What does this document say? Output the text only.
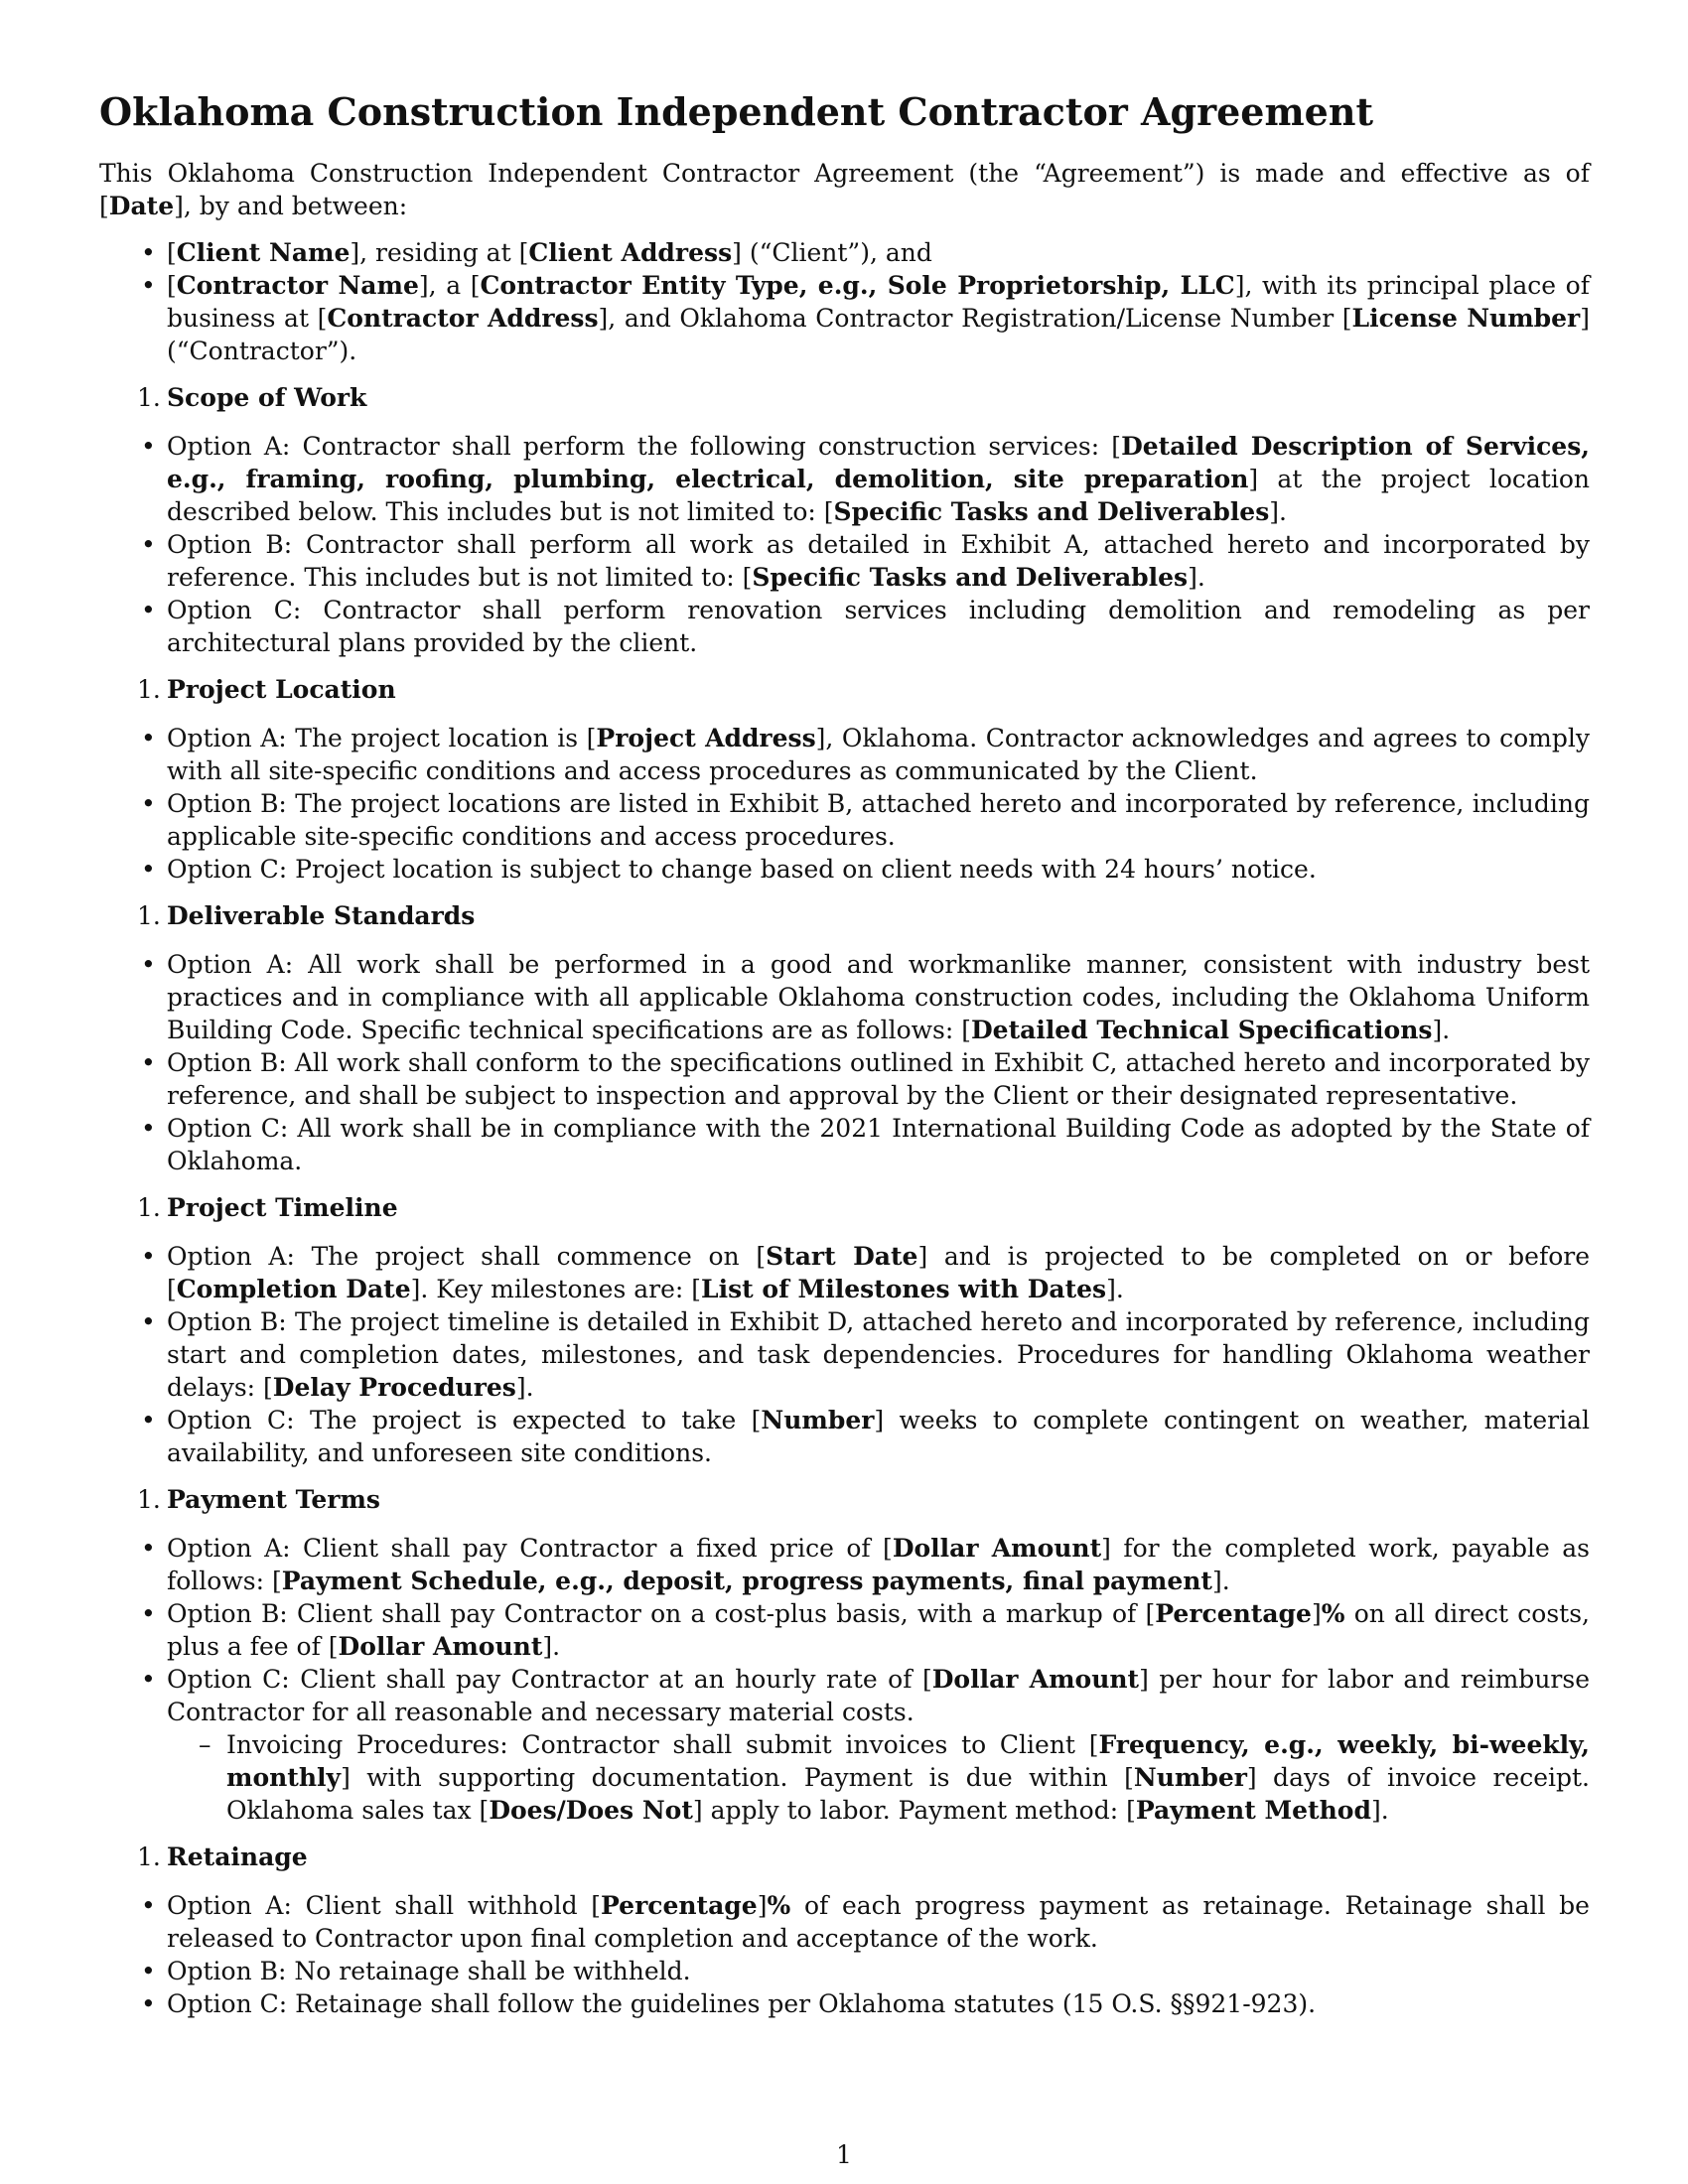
Oklahoma Construction Independent Contractor Agreement

This Oklahoma Construction Independent Contractor Agreement (the “Agreement”) is made and effective as of [Date], by and between:

• [Client Name], residing at [Client Address] (“Client”), and
• [Contractor Name], a [Contractor Entity Type, e.g., Sole Proprietorship, LLC], with its principal place of business at [Contractor Address], and Oklahoma Contractor Registration/License Number [License Number] (“Contractor”).
1. Scope of Work
• Option A: Contractor shall perform the following construction services: [Detailed Description of Services, e.g., framing, roofing, plumbing, electrical, demolition, site preparation] at the project location described below. This includes but is not limited to: [Specific Tasks and Deliverables].
• Option B: Contractor shall perform all work as detailed in Exhibit A, attached hereto and incorporated by reference. This includes but is not limited to: [Specific Tasks and Deliverables].
• Option C: Contractor shall perform renovation services including demolition and remodeling as per architectural plans provided by the client.
1. Project Location
• Option A: The project location is [Project Address], Oklahoma. Contractor acknowledges and agrees to comply with all site-specific conditions and access procedures as communicated by the Client.
• Option B: The project locations are listed in Exhibit B, attached hereto and incorporated by reference, including applicable site-specific conditions and access procedures.
• Option C: Project location is subject to change based on client needs with 24 hours’ notice.
1. Deliverable Standards
• Option A: All work shall be performed in a good and workmanlike manner, consistent with industry best practices and in compliance with all applicable Oklahoma construction codes, including the Oklahoma Uniform Building Code. Specific technical specifications are as follows: [Detailed Technical Specifications].
• Option B: All work shall conform to the specifications outlined in Exhibit C, attached hereto and incorporated by reference, and shall be subject to inspection and approval by the Client or their designated representative.
• Option C: All work shall be in compliance with the 2021 International Building Code as adopted by the State of Oklahoma.
1. Project Timeline
• Option A: The project shall commence on [Start Date] and is projected to be completed on or before [Completion Date]. Key milestones are: [List of Milestones with Dates].
• Option B: The project timeline is detailed in Exhibit D, attached hereto and incorporated by reference, including start and completion dates, milestones, and task dependencies. Procedures for handling Oklahoma weather delays: [Delay Procedures].
• Option C: The project is expected to take [Number] weeks to complete contingent on weather, material availability, and unforeseen site conditions.
1. Payment Terms
• Option A: Client shall pay Contractor a fixed price of [Dollar Amount] for the completed work, payable as follows: [Payment Schedule, e.g., deposit, progress payments, final payment].
• Option B: Client shall pay Contractor on a cost-plus basis, with a markup of [Percentage]% on all direct costs, plus a fee of [Dollar Amount].
• Option C: Client shall pay Contractor at an hourly rate of [Dollar Amount] per hour for labor and reimburse Contractor for all reasonable and necessary material costs.
– Invoicing Procedures: Contractor shall submit invoices to Client [Frequency, e.g., weekly, bi-weekly, monthly] with supporting documentation. Payment is due within [Number] days of invoice receipt. Oklahoma sales tax [Does/Does Not] apply to labor. Payment method: [Payment Method].
1. Retainage
• Option A: Client shall withhold [Percentage]% of each progress payment as retainage. Retainage shall be released to Contractor upon final completion and acceptance of the work.
• Option B: No retainage shall be withheld.
• Option C: Retainage shall follow the guidelines per Oklahoma statutes (15 O.S. §§921-923).
1
